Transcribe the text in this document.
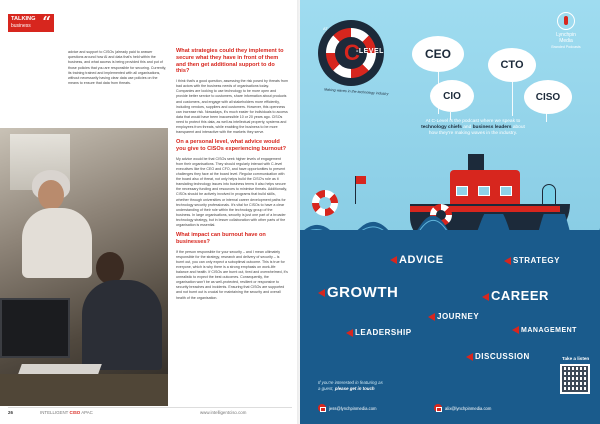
TALKING
business “
advice and support to CISOs (already paid to answer questions around how AI and data that's held within the business, and what access is being provided this and put of those policies that you are responsible for securing. Currently, its training trained and implemented with all organisations, without necessarily having clear data use policies on the means to ensure that data from threats.
What strategies could they implement to secure what they have in front of them and then get additional support to do this?
I think that's a good question, assessing the risk posed by threats from bad actors with the business needs of organisations today. Companies are looking to use technology to be more open and provide better service to customers, share information about products and customers, and engage with all stakeholders more efficiently, including vendors, suppliers and customers. However, this openness can increase risk. Nowadays, it's much easier for individuals to access data that would have been inaccessible 10 or 20 years ago. CISOs need to protect this data, as well as intellectual property, systems and employees from threats, while enabling the business to be more transparent and interactive with the markets they serve.
On a personal level, what advice would you give to CISOs experiencing burnout?
My advice would be that CISOs seek higher levels of engagement from their organisations. They should regularly interact with C-level executives like the CEO and CFO, and have opportunities to present challenges they face at the board level. Regular communication with the board also of threat, not only helps build the CISO's role as it translating technology issues into business terms it also helps secure the necessary funding and resources to minimise threats. Additionally, CISOs should be actively involved in programs that build skills, whether through universities or internal career development paths for technology security professionals. It's vital for CISOs to have a clear understanding of their role within the technology group of the business. In large organisations, security is just one part of a broader technology strategy, but in lesser collaboration with other parts of the organisation is essential.
What impact can burnout have on businesses?
If the person responsible for your security – and I mean ultimately responsible for the strategy, research and delivery of security – is burnt out, you can only expect a suboptimal outcome. This is true for everyone, which is why there is a strong emphasis on work-life balance and health. If CISOs are burnt out, tired and overwhelmed, it's unrealistic to expect the best outcomes. Consequently, the organisation won't be as well-protected, resilient or responsive to security breaches and incidents. Ensuring that CISOs are supported and not burnt out is crucial for maintaining the security and overall health of the organisation.
26	INTELLIGENT CISO APAC	www.intelligentciso.com
Lynchpin
Media
Branded Podcasts
AT
C
-LEVEL
Making waves in the technology industry
CEO
CTO
CIO	CISO
At C-Level is the podcast where we speak to technology chiefs and business leaders about how they're making waves in the industry.
ADVICE	STRATEGY
GROWTH	CAREER
JOURNEY
LEADERSHIP	MANAGEMENT
DISCUSSION
If you're interested in featuring as
a guest, please get in touch
jess@lynchpinmedia.com	alix@lynchpinmedia.com
Take a listen
